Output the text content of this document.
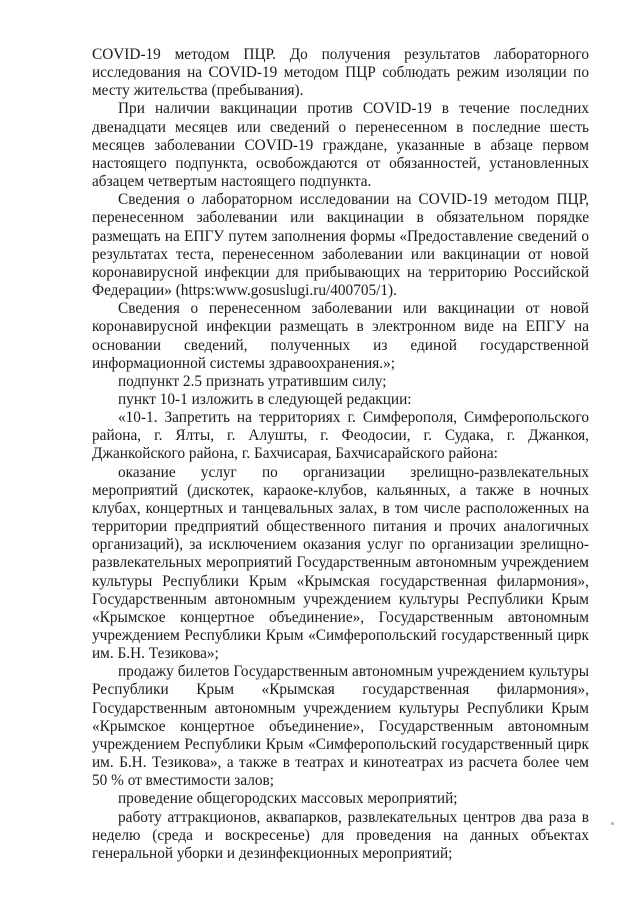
COVID-19 методом ПЦР. До получения результатов лабораторного исследования на COVID-19 методом ПЦР соблюдать режим изоляции по месту жительства (пребывания).

При наличии вакцинации против COVID-19 в течение последних двенадцати месяцев или сведений о перенесенном в последние шесть месяцев заболевании COVID-19 граждане, указанные в абзаце первом настоящего подпункта, освобождаются от обязанностей, установленных абзацем четвертым настоящего подпункта.

Сведения о лабораторном исследовании на COVID-19 методом ПЦР, перенесенном заболевании или вакцинации в обязательном порядке размещать на ЕПГУ путем заполнения формы «Предоставление сведений о результатах теста, перенесенном заболевании или вакцинации от новой коронавирусной инфекции для прибывающих на территорию Российской Федерации» (https:www.gosuslugi.ru/400705/1).

Сведения о перенесенном заболевании или вакцинации от новой коронавирусной инфекции размещать в электронном виде на ЕПГУ на основании сведений, полученных из единой государственной информационной системы здравоохранения.»;

подпункт 2.5 признать утратившим силу;

пункт 10-1 изложить в следующей редакции:

«10-1. Запретить на территориях г. Симферополя, Симферопольского района, г. Ялты, г. Алушты, г. Феодосии, г. Судака, г. Джанкоя, Джанкойского района, г. Бахчисарая, Бахчисарайского района:

оказание услуг по организации зрелищно-развлекательных мероприятий (дискотек, караоке-клубов, кальянных, а также в ночных клубах, концертных и танцевальных залах, в том числе расположенных на территории предприятий общественного питания и прочих аналогичных организаций), за исключением оказания услуг по организации зрелищно-развлекательных мероприятий Государственным автономным учреждением культуры Республики Крым «Крымская государственная филармония», Государственным автономным учреждением культуры Республики Крым «Крымское концертное объединение», Государственным автономным учреждением Республики Крым «Симферопольский государственный цирк им. Б.Н. Тезикова»;

продажу билетов Государственным автономным учреждением культуры Республики Крым «Крымская государственная филармония», Государственным автономным учреждением культуры Республики Крым «Крымское концертное объединение», Государственным автономным учреждением Республики Крым «Симферопольский государственный цирк им. Б.Н. Тезикова», а также в театрах и кинотеатрах из расчета более чем 50 % от вместимости залов;

проведение общегородских массовых мероприятий;

работу аттракционов, аквапарков, развлекательных центров два раза в неделю (среда и воскресенье) для проведения на данных объектах генеральной уборки и дезинфекционных мероприятий;
